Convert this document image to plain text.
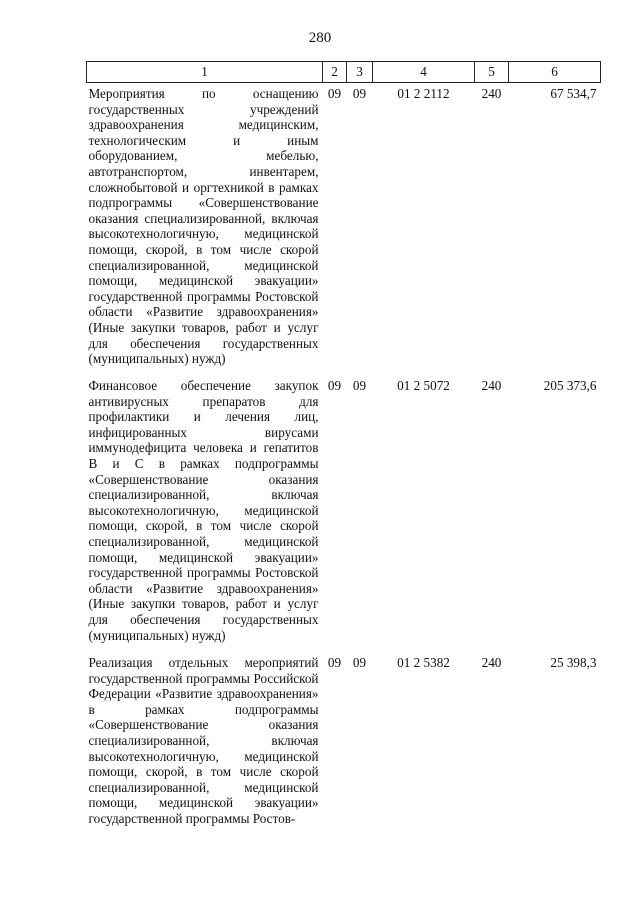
280
1	2	3	4	5	6
Мероприятия по оснащению государственных учреждений здравоохранения медицинским, технологическим и иным оборудованием, мебелью, автотранспортом, инвентарем, сложнобытовой и оргтехникой в рамках подпрограммы «Совершенствование оказания специализированной, включая высокотехнологичную, медицинской помощи, скорой, в том числе скорой специализированной, медицинской помощи, медицинской эвакуации» государственной программы Ростовской области «Развитие здравоохранения» (Иные закупки товаров, работ и услуг для обеспечения государственных (муниципальных) нужд)	09	09	01 2 2112	240	67 534,7
Финансовое обеспечение закупок антивирусных препаратов для профилактики и лечения лиц, инфицированных вирусами иммунодефицита человека и гепатитов В и С в рамках подпрограммы «Совершенствование оказания специализированной, включая высокотехнологичную, медицинской помощи, скорой, в том числе скорой специализированной, медицинской помощи, медицинской эвакуации» государственной программы Ростовской области «Развитие здравоохранения» (Иные закупки товаров, работ и услуг для обеспечения государственных (муниципальных) нужд)	09	09	01 2 5072	240	205 373,6
Реализация отдельных мероприятий государственной программы Российской Федерации «Развитие здравоохранения» в рамках подпрограммы «Совершенствование оказания специализированной, включая высокотехнологичную, медицинской помощи, скорой, в том числе скорой специализированной, медицинской помощи, медицинской эвакуации» государственной программы Ростов-	09	09	01 2 5382	240	25 398,3
